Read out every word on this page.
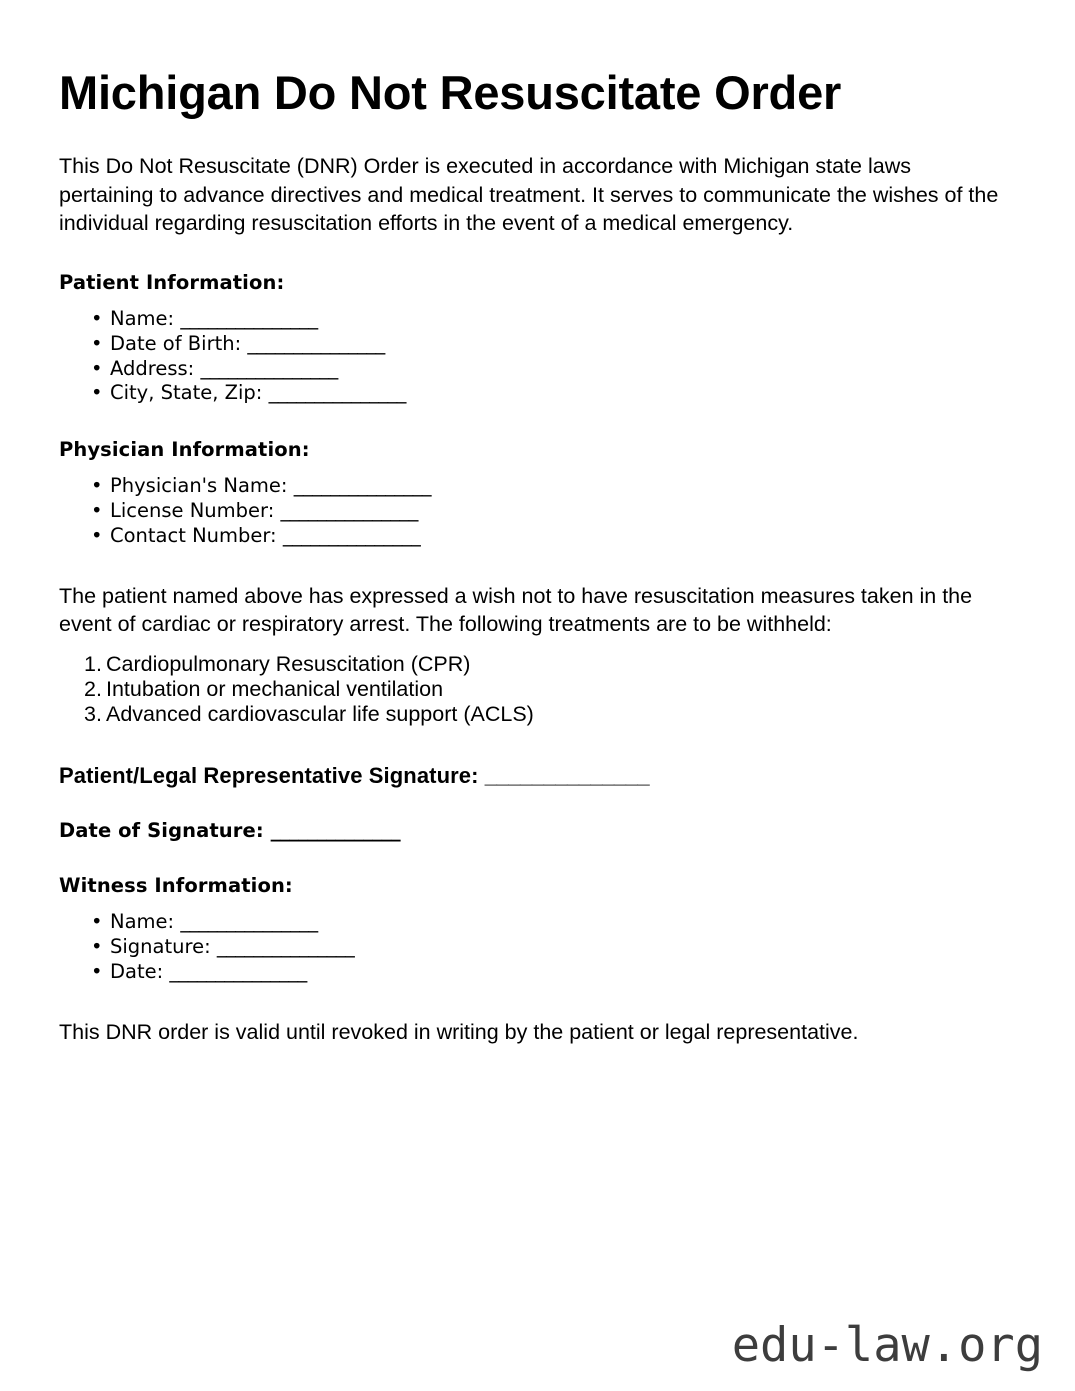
Michigan Do Not Resuscitate Order

This Do Not Resuscitate (DNR) Order is executed in accordance with Michigan state laws pertaining to advance directives and medical treatment. It serves to communicate the wishes of the individual regarding resuscitation efforts in the event of a medical emergency.

Patient Information:
• Name: _______________
• Date of Birth: _______________
• Address: _______________
• City, State, Zip: _______________
Physician Information:
• Physician's Name: _______________
• License Number: _______________
• Contact Number: _______________

The patient named above has expressed a wish not to have resuscitation measures taken in the event of cardiac or respiratory arrest. The following treatments are to be withheld:

Cardiopulmonary Resuscitation (CPR)
Intubation or mechanical ventilation
Advanced cardiovascular life support (ACLS)
Patient/Legal Representative Signature: ______________
Date of Signature: ______________
Witness Information:
• Name: _______________
• Signature: _______________
• Date: _______________

This DNR order is valid until revoked in writing by the patient or legal representative.

edu-law.org
